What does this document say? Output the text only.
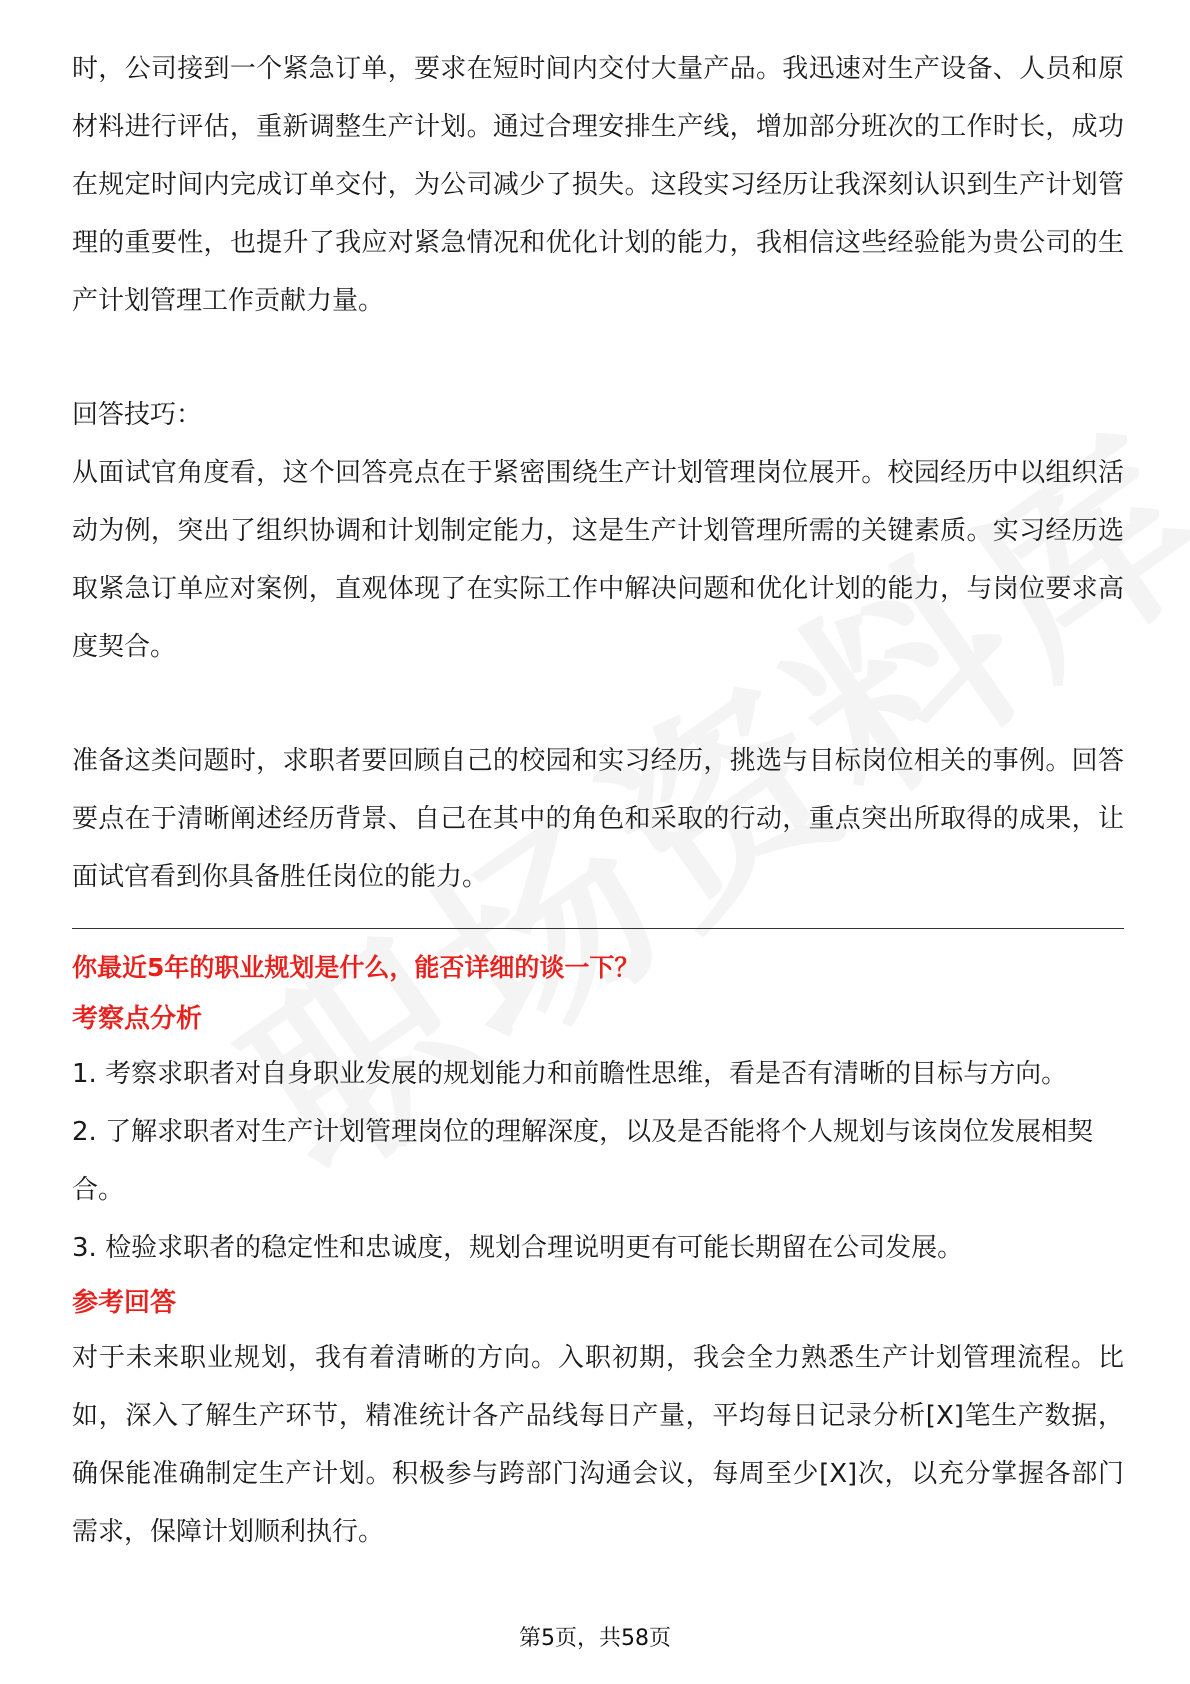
时，公司接到一个紧急订单，要求在短时间内交付大量产品。我迅速对生产设备、人员和原材料进行评估，重新调整生产计划。通过合理安排生产线，增加部分班次的工作时长，成功在规定时间内完成订单交付，为公司减少了损失。这段实习经历让我深刻认识到生产计划管理的重要性，也提升了我应对紧急情况和优化计划的能力，我相信这些经验能为贵公司的生产计划管理工作贡献力量。

回答技巧：

从面试官角度看，这个回答亮点在于紧密围绕生产计划管理岗位展开。校园经历中以组织活动为例，突出了组织协调和计划制定能力，这是生产计划管理所需的关键素质。实习经历选取紧急订单应对案例，直观体现了在实际工作中解决问题和优化计划的能力，与岗位要求高度契合。

准备这类问题时，求职者要回顾自己的校园和实习经历，挑选与目标岗位相关的事例。回答要点在于清晰阐述经历背景、自己在其中的角色和采取的行动，重点突出所取得的成果，让面试官看到你具备胜任岗位的能力。

你最近5年的职业规划是什么，能否详细的谈一下？

考察点分析

1. 考察求职者对自身职业发展的规划能力和前瞻性思维，看是否有清晰的目标与方向。

2. 了解求职者对生产计划管理岗位的理解深度，以及是否能将个人规划与该岗位发展相契合。

3. 检验求职者的稳定性和忠诚度，规划合理说明更有可能长期留在公司发展。

参考回答

对于未来职业规划，我有着清晰的方向。入职初期，我会全力熟悉生产计划管理流程。比如，深入了解生产环节，精准统计各产品线每日产量，平均每日记录分析[X]笔生产数据，确保能准确制定生产计划。积极参与跨部门沟通会议，每周至少[X]次，以充分掌握各部门需求，保障计划顺利执行。

第5页，共58页
